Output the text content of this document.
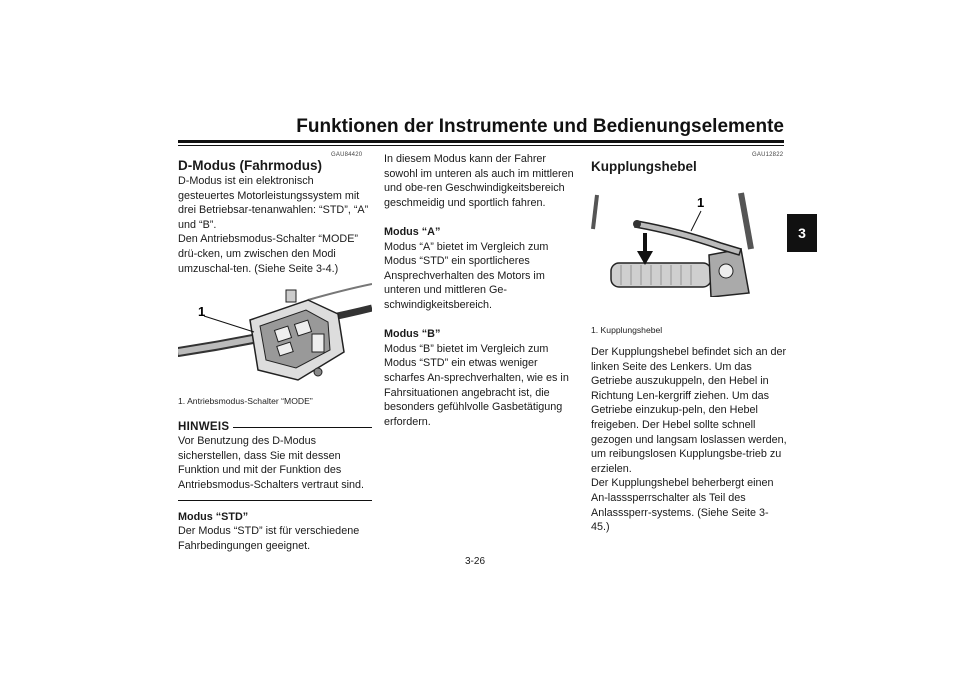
Funktionen der Instrumente und Bedienungselemente
3
GAU84420
D-Modus (Fahrmodus)

D-Modus ist ein elektronisch gesteuertes Motorleistungssystem mit drei Betriebsar-tenanwahlen: “STD”, “A” und “B”.

Den Antriebsmodus-Schalter “MODE” drü-cken, um zwischen den Modi umzuschal-ten. (Siehe Seite 3-4.)

1

1. Antriebsmodus-Schalter “MODE”

HINWEIS

Vor Benutzung des D-Modus sicherstellen, dass Sie mit dessen Funktion und mit der Funktion des Antriebsmodus-Schalters vertraut sind.

Modus “STD”

Der Modus “STD” ist für verschiedene Fahrbedingungen geeignet.

In diesem Modus kann der Fahrer sowohl im unteren als auch im mittleren und obe-ren Geschwindigkeitsbereich geschmeidig und sportlich fahren.

Modus “A”

Modus “A” bietet im Vergleich zum Modus “STD” ein sportlicheres Ansprechverhalten des Motors im unteren und mittleren Ge-schwindigkeitsbereich.

Modus “B”

Modus “B” bietet im Vergleich zum Modus “STD” ein etwas weniger scharfes An-sprechverhalten, wie es in Fahrsituationen angebracht ist, die besonders gefühlvolle Gasbetätigung erfordern.

GAU12822
Kupplungshebel
1

1. Kupplungshebel

Der Kupplungshebel befindet sich an der linken Seite des Lenkers. Um das Getriebe auszukuppeln, den Hebel in Richtung Len-kergriff ziehen. Um das Getriebe einzukup-peln, den Hebel freigeben. Der Hebel sollte schnell gezogen und langsam loslassen werden, um reibungslosen Kupplungsbe-trieb zu erzielen.

Der Kupplungshebel beherbergt einen An-lasssperrschalter als Teil des Anlasssperr-systems. (Siehe Seite 3-45.)

3-26
